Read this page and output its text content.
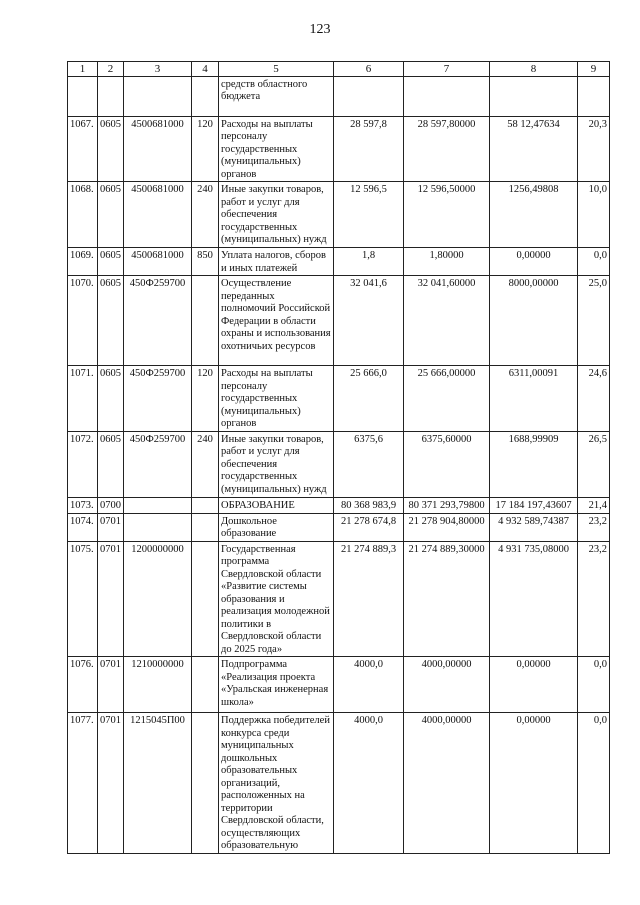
123
1	2	3	4	5	6	7	8	9
				средств областного бюджета				
1067.	0605	4500681000	120	Расходы на выплаты персоналу государственных (муниципальных) органов	28 597,8	28 597,80000	58 12,47634	20,3
1068.	0605	4500681000	240	Иные закупки товаров, работ и услуг для обеспечения государственных (муниципальных) нужд	12 596,5	12 596,50000	1256,49808	10,0
1069.	0605	4500681000	850	Уплата налогов, сборов и иных платежей	1,8	1,80000	0,00000	0,0
1070.	0605	450Ф259700		Осуществление переданных полномочий Российской Федерации в области охраны и использования охотничьих ресурсов	32 041,6	32 041,60000	8000,00000	25,0
1071.	0605	450Ф259700	120	Расходы на выплаты персоналу государственных (муниципальных) органов	25 666,0	25 666,00000	6311,00091	24,6
1072.	0605	450Ф259700	240	Иные закупки товаров, работ и услуг для обеспечения государственных (муниципальных) нужд	6375,6	6375,60000	1688,99909	26,5
1073.	0700			ОБРАЗОВАНИЕ	80 368 983,9	80 371 293,79800	17 184 197,43607	21,4
1074.	0701			Дошкольное образование	21 278 674,8	21 278 904,80000	4 932 589,74387	23,2
1075.	0701	1200000000		Государственная программа Свердловской области «Развитие системы образования и реализация молодежной политики в Свердловской области до 2025 года»	21 274 889,3	21 274 889,30000	4 931 735,08000	23,2
1076.	0701	1210000000		Подпрограмма «Реализация проекта «Уральская инженерная школа»	4000,0	4000,00000	0,00000	0,0
1077.	0701	1215045П00		Поддержка победителей конкурса среди муниципальных дошкольных образовательных организаций, расположенных на территории Свердловской области, осуществляющих образовательную	4000,0	4000,00000	0,00000	0,0
